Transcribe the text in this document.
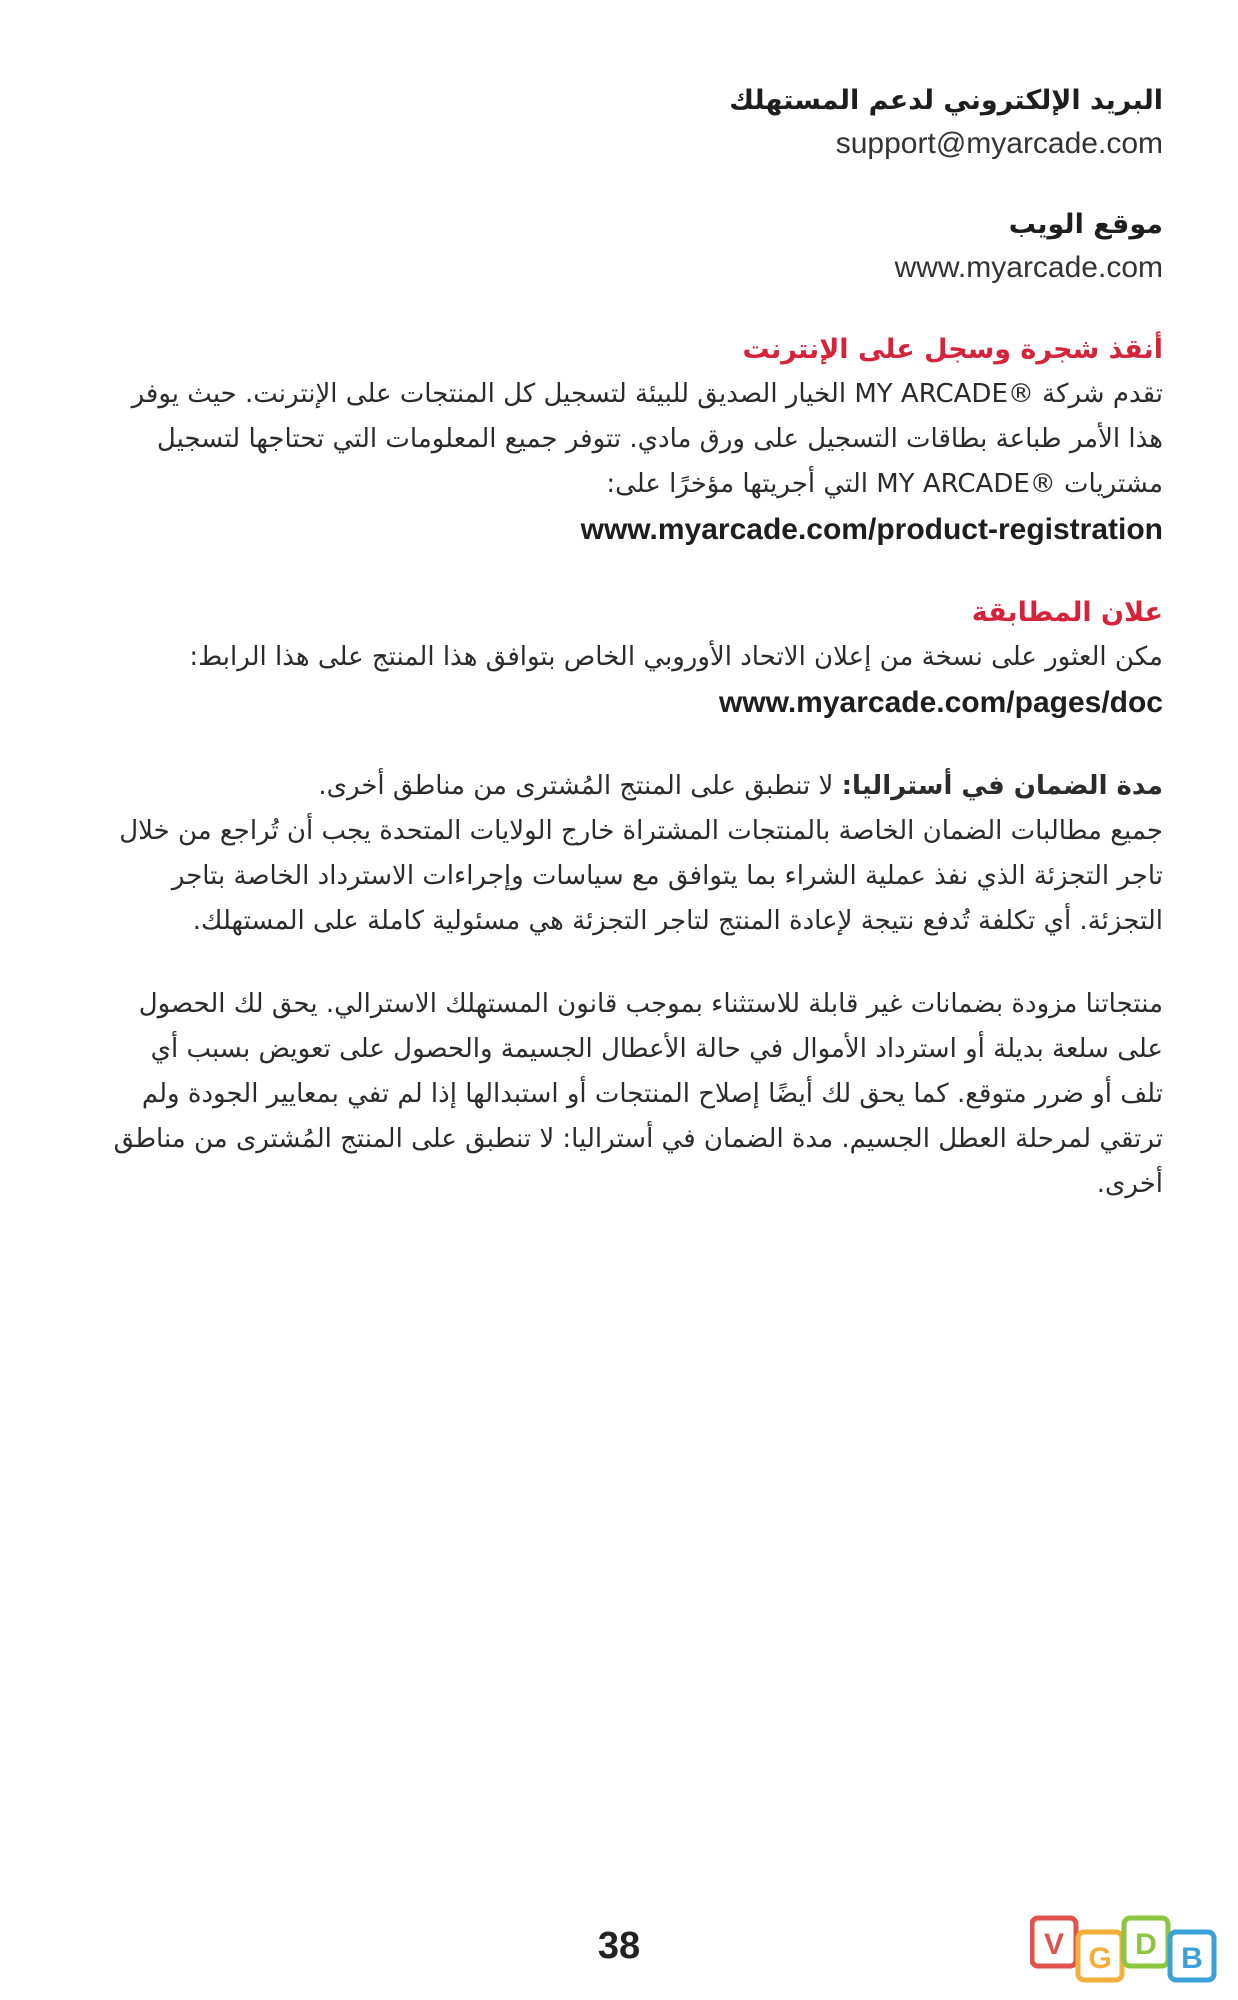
البريد الإلكتروني لدعم المستهلك

support@myarcade.com

موقع الويب

www.myarcade.com

أنقذ شجرة وسجل على الإنترنت

تقدم شركة ®MY ARCADE الخيار الصديق للبيئة لتسجيل كل المنتجات على الإنترنت. حيث يوفر هذا الأمر طباعة بطاقات التسجيل على ورق مادي. تتوفر جميع المعلومات التي تحتاجها لتسجيل مشتريات ®MY ARCADE التي أجريتها مؤخرًا على:

www.myarcade.com/product-registration

علان المطابقة

مكن العثور على نسخة من إعلان الاتحاد الأوروبي الخاص بتوافق هذا المنتج على هذا الرابط:

www.myarcade.com/pages/doc

مدة الضمان في أستراليا: لا تنطبق على المنتج المُشترى من مناطق أخرى.

جميع مطالبات الضمان الخاصة بالمنتجات المشتراة خارج الولايات المتحدة يجب أن تُراجع من خلال تاجر التجزئة الذي نفذ عملية الشراء بما يتوافق مع سياسات وإجراءات الاسترداد الخاصة بتاجر التجزئة. أي تكلفة تُدفع نتيجة لإعادة المنتج لتاجر التجزئة هي مسئولية كاملة على المستهلك.

منتجاتنا مزودة بضمانات غير قابلة للاستثناء بموجب قانون المستهلك الاسترالي. يحق لك الحصول على سلعة بديلة أو استرداد الأموال في حالة الأعطال الجسيمة والحصول على تعويض بسبب أي تلف أو ضرر متوقع. كما يحق لك أيضًا إصلاح المنتجات أو استبدالها إذا لم تفي بمعايير الجودة ولم ترتقي لمرحلة العطل الجسيم. مدة الضمان في أستراليا: لا تنطبق على المنتج المُشترى من مناطق أخرى.

38	V G D B
